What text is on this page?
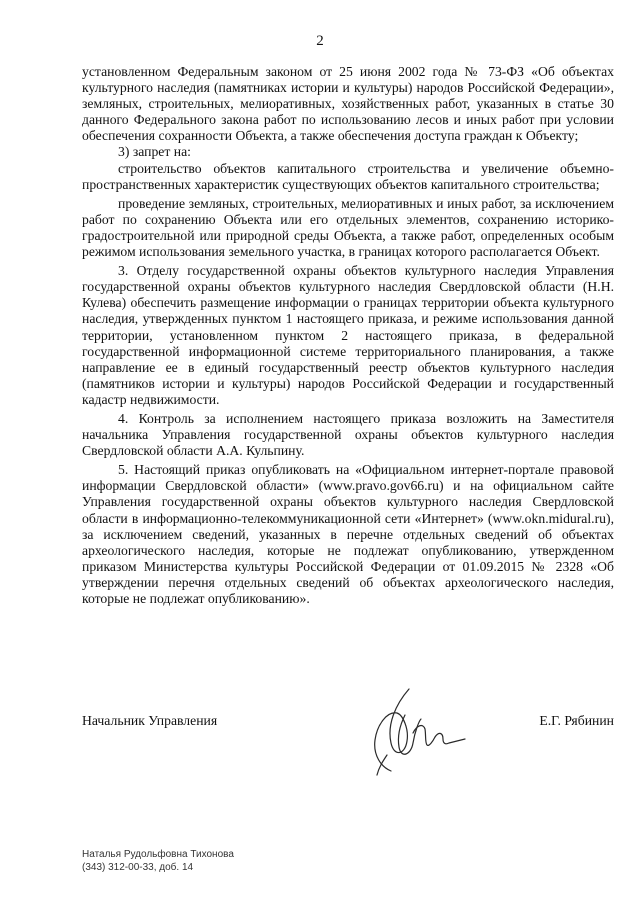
2

установленном Федеральным законом от 25 июня 2002 года № 73-ФЗ «Об объектах культурного наследия (памятниках истории и культуры) народов Российской Федерации», земляных, строительных, мелиоративных, хозяйственных работ, указанных в статье 30 данного Федерального закона работ по использованию лесов и иных работ при условии обеспечения сохранности Объекта, а также обеспечения доступа граждан к Объекту;

3) запрет на:

строительство объектов капитального строительства и увеличение объемно-пространственных характеристик существующих объектов капитального строительства;

проведение земляных, строительных, мелиоративных и иных работ, за исключением работ по сохранению Объекта или его отдельных элементов, сохранению историко-градостроительной или природной среды Объекта, а также работ, определенных особым режимом использования земельного участка, в границах которого располагается Объект.

3. Отделу государственной охраны объектов культурного наследия Управления государственной охраны объектов культурного наследия Свердловской области (Н.Н. Кулева) обеспечить размещение информации о границах территории объекта культурного наследия, утвержденных пунктом 1 настоящего приказа, и режиме использования данной территории, установленном пунктом 2 настоящего приказа, в федеральной государственной информационной системе территориального планирования, а также направление ее в единый государственный реестр объектов культурного наследия (памятников истории и культуры) народов Российской Федерации и государственный кадастр недвижимости.

4. Контроль за исполнением настоящего приказа возложить на Заместителя начальника Управления государственной охраны объектов культурного наследия Свердловской области А.А. Кульпину.

5. Настоящий приказ опубликовать на «Официальном интернет-портале правовой информации Свердловской области» (www.pravo.gov66.ru) и на официальном сайте Управления государственной охраны объектов культурного наследия Свердловской области в информационно-телекоммуникационной сети «Интернет» (www.okn.midural.ru), за исключением сведений, указанных в перечне отдельных сведений об объектах археологического наследия, которые не подлежат опубликованию, утвержденном приказом Министерства культуры Российской Федерации от 01.09.2015 № 2328 «Об утверждении перечня отдельных сведений об объектах археологического наследия, которые не подлежат опубликованию».

Начальник Управления	Е.Г. Рябинин
Наталья Рудольфовна Тихонова
(343) 312-00-33, доб. 14
